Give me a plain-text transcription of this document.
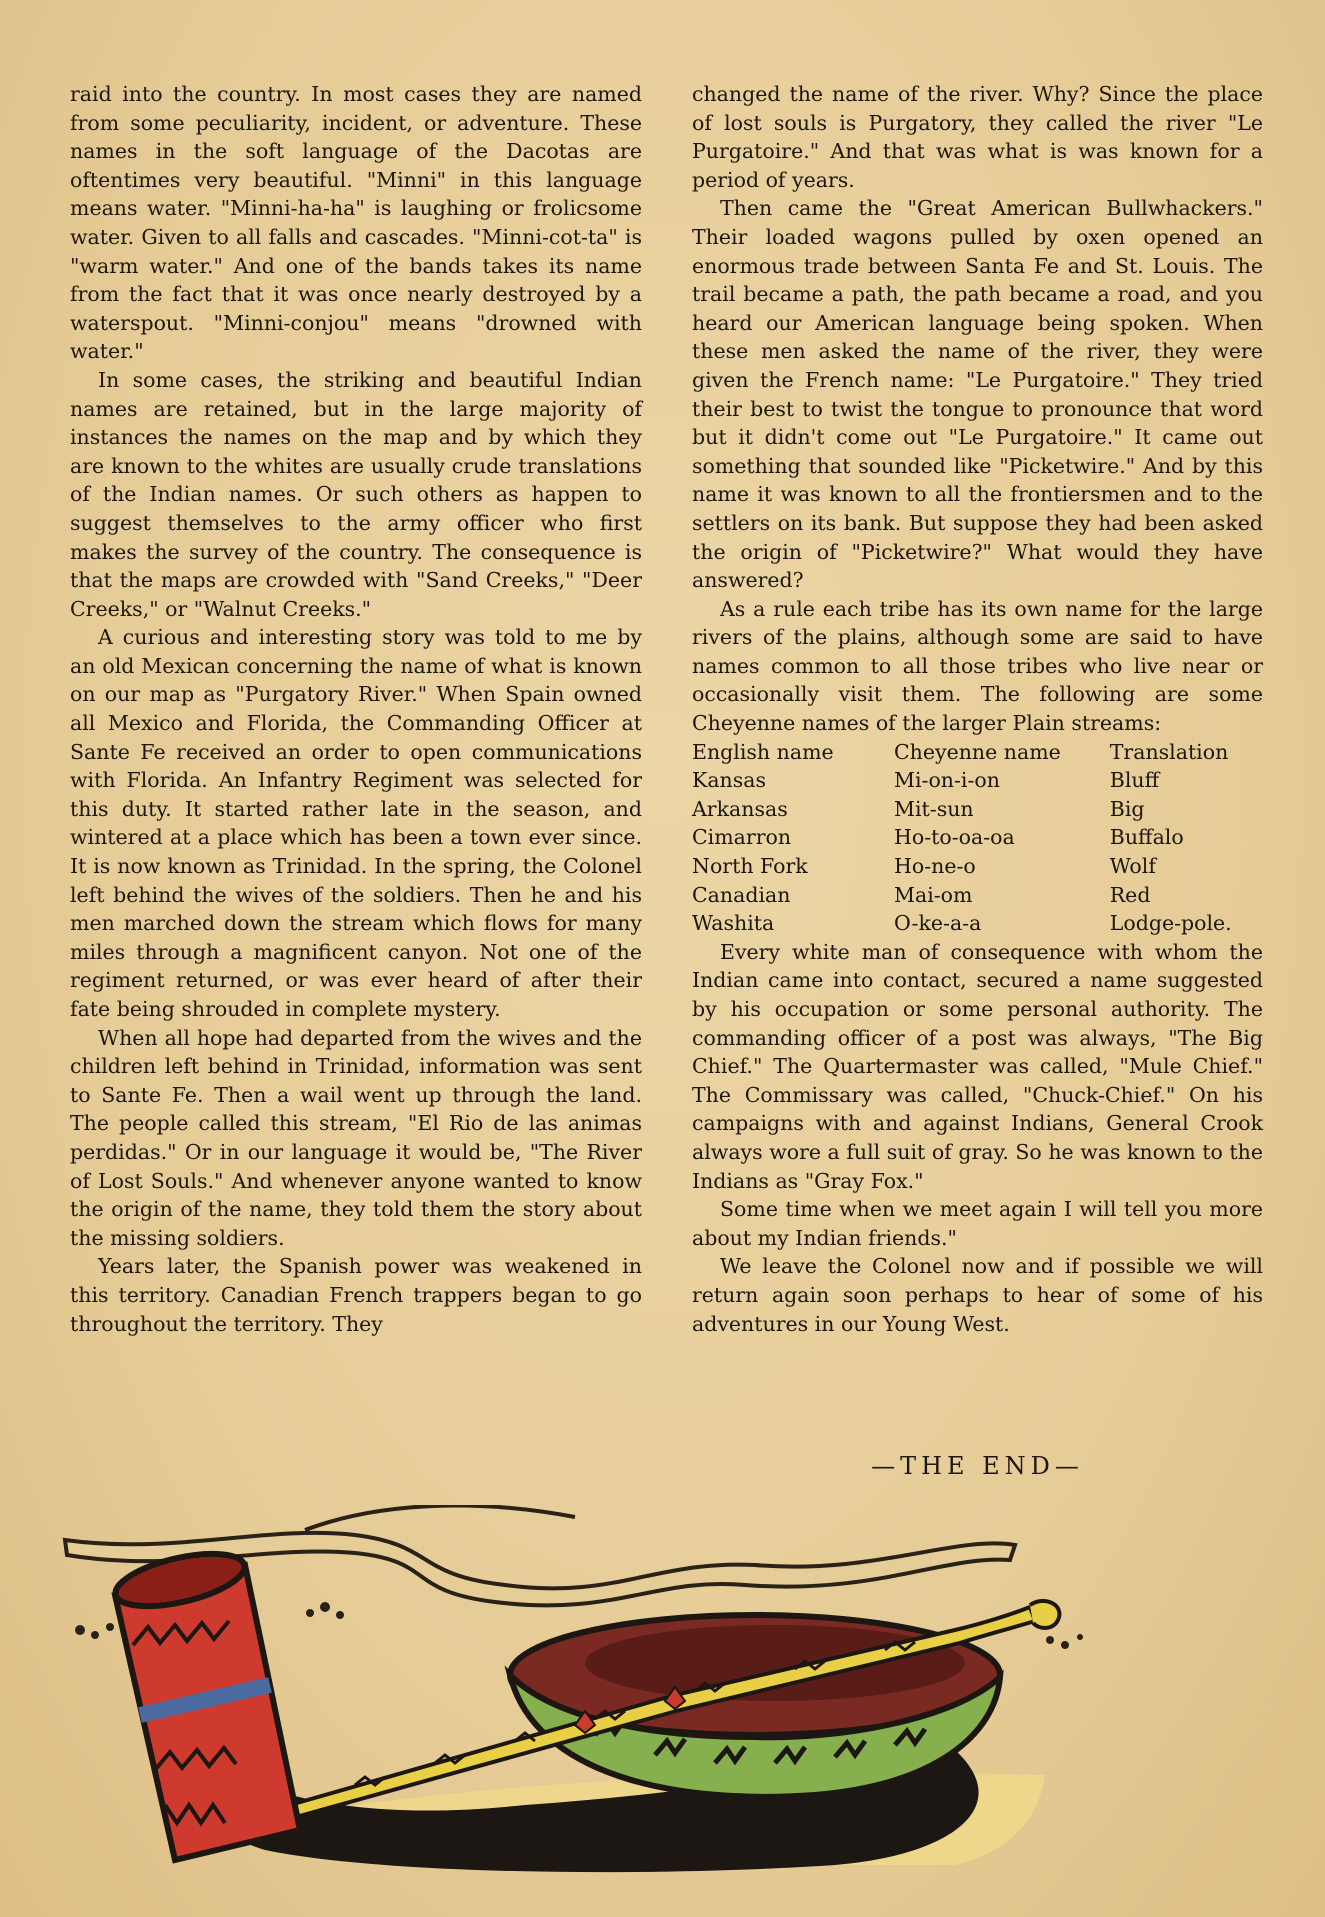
raid into the country. In most cases they are named from some peculiarity, incident, or adventure. These names in the soft language of the Dacotas are oftentimes very beautiful. "Minni" in this language means water. "Minni-ha-ha" is laughing or frolicsome water. Given to all falls and cascades. "Minni-cot-ta" is "warm water." And one of the bands takes its name from the fact that it was once nearly destroyed by a waterspout. "Minni-conjou" means "drowned with water."

In some cases, the striking and beautiful Indian names are retained, but in the large majority of instances the names on the map and by which they are known to the whites are usually crude translations of the Indian names. Or such others as happen to suggest themselves to the army officer who first makes the survey of the country. The consequence is that the maps are crowded with "Sand Creeks," "Deer Creeks," or "Walnut Creeks."

A curious and interesting story was told to me by an old Mexican concerning the name of what is known on our map as "Purgatory River." When Spain owned all Mexico and Florida, the Commanding Officer at Sante Fe received an order to open communications with Florida. An Infantry Regiment was selected for this duty. It started rather late in the season, and wintered at a place which has been a town ever since. It is now known as Trinidad. In the spring, the Colonel left behind the wives of the soldiers. Then he and his men marched down the stream which flows for many miles through a magnificent canyon. Not one of the regiment returned, or was ever heard of after their fate being shrouded in complete mystery.

When all hope had departed from the wives and the children left behind in Trinidad, information was sent to Sante Fe. Then a wail went up through the land. The people called this stream, "El Rio de las animas perdidas." Or in our language it would be, "The River of Lost Souls." And whenever anyone wanted to know the origin of the name, they told them the story about the missing soldiers.

Years later, the Spanish power was weakened in this territory. Canadian French trappers began to go throughout the territory. They

changed the name of the river. Why? Since the place of lost souls is Purgatory, they called the river "Le Purgatoire." And that was what is was known for a period of years.

Then came the "Great American Bullwhackers." Their loaded wagons pulled by oxen opened an enormous trade between Santa Fe and St. Louis. The trail became a path, the path became a road, and you heard our American language being spoken. When these men asked the name of the river, they were given the French name: "Le Purgatoire." They tried their best to twist the tongue to pronounce that word but it didn't come out "Le Purgatoire." It came out something that sounded like "Picketwire." And by this name it was known to all the frontiersmen and to the settlers on its bank. But suppose they had been asked the origin of "Picketwire?" What would they have answered?

As a rule each tribe has its own name for the large rivers of the plains, although some are said to have names common to all those tribes who live near or occasionally visit them. The following are some Cheyenne names of the larger Plain streams:

English name	Cheyenne name	Translation
Kansas	Mi-on-i-on	Bluff
Arkansas	Mit-sun	Big
Cimarron	Ho-to-oa-oa	Buffalo
North Fork	Ho-ne-o	Wolf
Canadian	Mai-om	Red
Washita	O-ke-a-a	Lodge-pole.

Every white man of consequence with whom the Indian came into contact, secured a name suggested by his occupation or some personal authority. The commanding officer of a post was always, "The Big Chief." The Quartermaster was called, "Mule Chief." The Commissary was called, "Chuck-Chief." On his campaigns with and against Indians, General Crook always wore a full suit of gray. So he was known to the Indians as "Gray Fox."

Some time when we meet again I will tell you more about my Indian friends."

We leave the Colonel now and if possible we will return again soon perhaps to hear of some of his adventures in our Young West.

—THE END—
